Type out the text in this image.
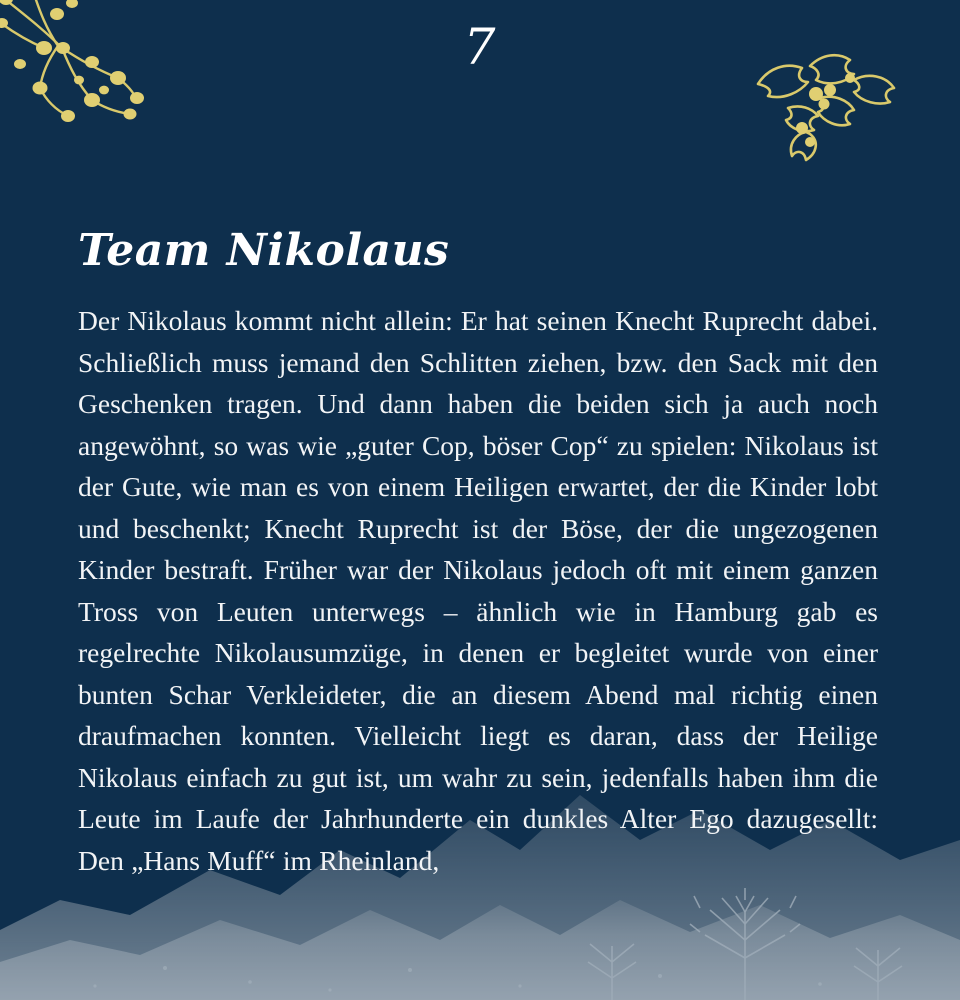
7
Team Nikolaus

Der Nikolaus kommt nicht allein: Er hat seinen Knecht Ruprecht dabei. Schließlich muss jemand den Schlitten ziehen, bzw. den Sack mit den Geschenken tragen. Und dann haben die beiden sich ja auch noch angewöhnt, so was wie „guter Cop, böser Cop“ zu spielen: Nikolaus ist der Gute, wie man es von einem Heiligen erwartet, der die Kinder lobt und beschenkt; Knecht Ruprecht ist der Böse, der die ungezogenen Kinder bestraft. Früher war der Nikolaus jedoch oft mit einem ganzen Tross von Leuten unterwegs – ähnlich wie in Hamburg gab es regelrechte Nikolausumzüge, in denen er begleitet wurde von einer bunten Schar Verkleideter, die an diesem Abend mal richtig einen draufmachen konnten. Vielleicht liegt es daran, dass der Heilige Nikolaus einfach zu gut ist, um wahr zu sein, jedenfalls haben ihm die Leute im Laufe der Jahrhunderte ein dunkles Alter Ego dazugesellt: Den „Hans Muff“ im Rheinland,
